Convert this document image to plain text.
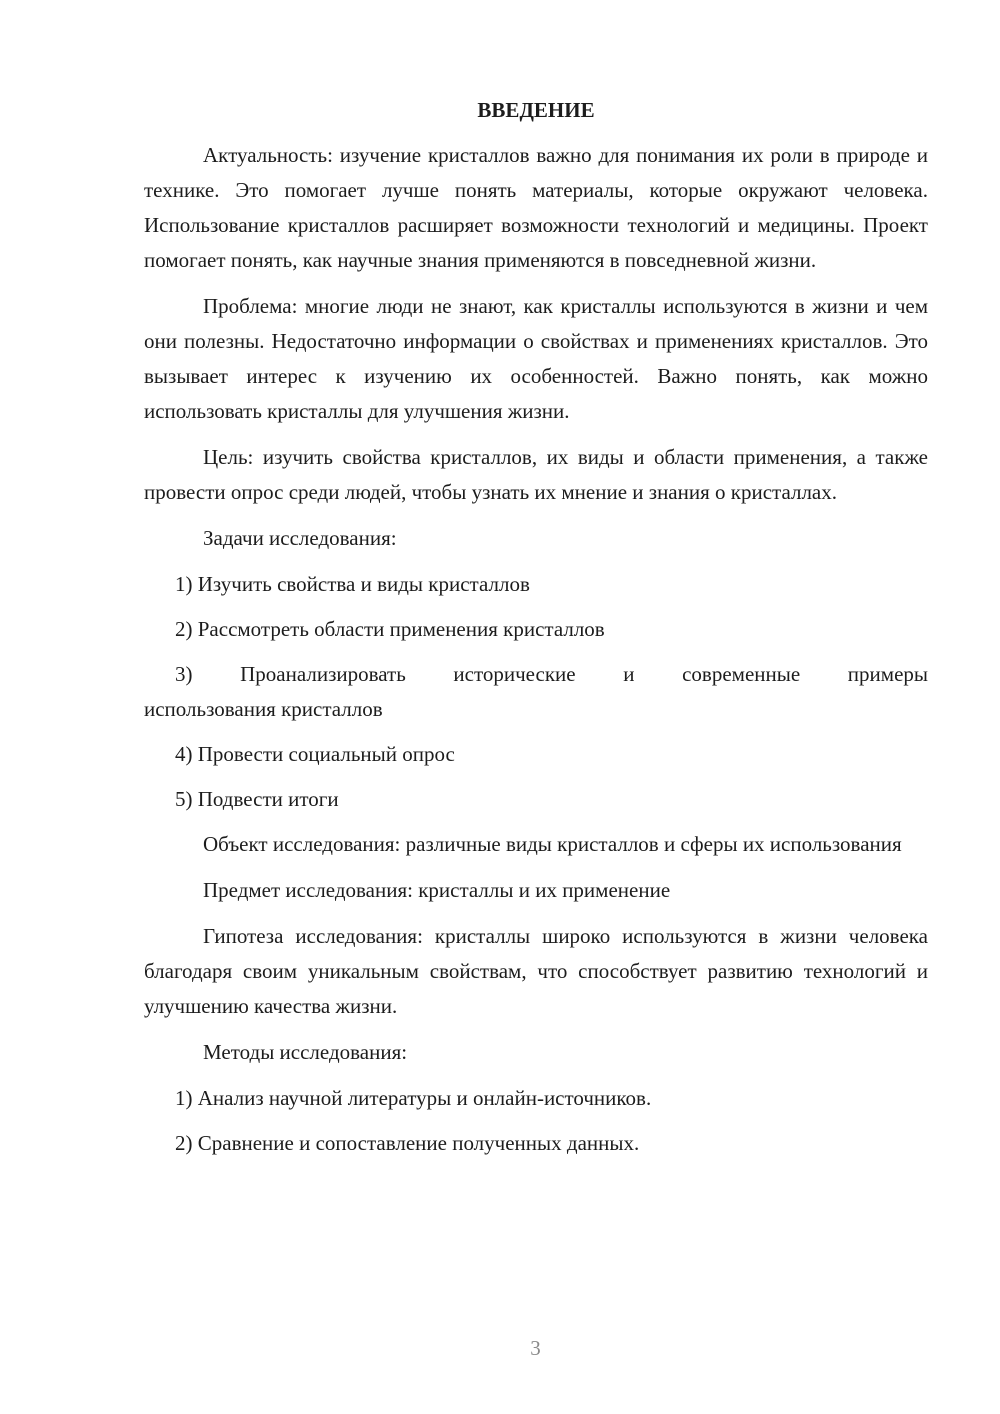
ВВЕДЕНИЕ

Актуальность: изучение кристаллов важно для понимания их роли в природе и технике. Это помогает лучше понять материалы, которые окружают человека. Использование кристаллов расширяет возможности технологий и медицины. Проект помогает понять, как научные знания применяются в повседневной жизни.

Проблема: многие люди не знают, как кристаллы используются в жизни и чем они полезны. Недостаточно информации о свойствах и применениях кристаллов. Это вызывает интерес к изучению их особенностей. Важно понять, как можно использовать кристаллы для улучшения жизни.

Цель: изучить свойства кристаллов, их виды и области применения, а также провести опрос среди людей, чтобы узнать их мнение и знания о кристаллах.

Задачи исследования:

1) Изучить свойства и виды кристаллов
2) Рассмотреть области применения кристаллов
3) Проанализировать исторические и современные примеры
использования кристаллов
4) Провести социальный опрос
5) Подвести итоги

Объект исследования: различные виды кристаллов и сферы их использования

Предмет исследования: кристаллы и их применение

Гипотеза исследования: кристаллы широко используются в жизни человека благодаря своим уникальным свойствам, что способствует развитию технологий и улучшению качества жизни.

Методы исследования:

1) Анализ научной литературы и онлайн-источников.
2) Сравнение и сопоставление полученных данных.
3
